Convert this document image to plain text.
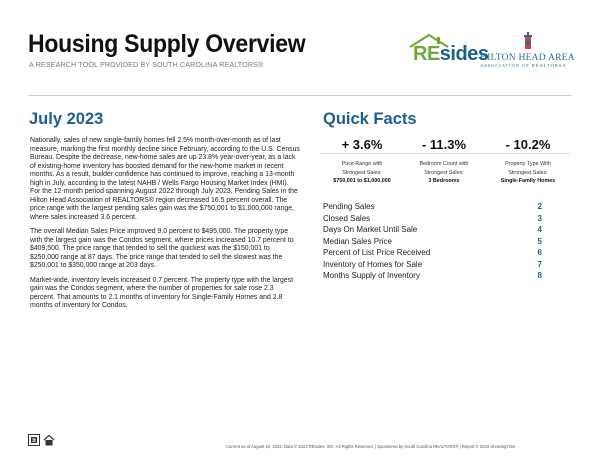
Housing Supply Overview
A RESEARCH TOOL PROVIDED BY SOUTH CAROLINA REALTORS®	REsides
HILTON HEAD AREA
ASSOCIATION OF REALTORS®
July 2023

Nationally, sales of new single-family homes fell 2.5% month-over-month as of last measure, marking the first monthly decline since February, according to the U.S. Census Bureau. Despite the decrease, new-home sales are up 23.8% year-over-year, as a lack of existing-home inventory has boosted demand for the new-home market in recent months. As a result, builder confidence has continued to improve, reaching a 13-month high in July, according to the latest NAHB / Wells Fargo Housing Market Index (HMI). For the 12-month period spanning August 2022 through July 2023, Pending Sales in the Hilton Head Association of REALTORS® region decreased 16.5 percent overall. The price range with the largest pending sales gain was the $750,001 to $1,000,000 range, where sales increased 3.6 percent.

The overall Median Sales Price improved 9.0 percent to $495,000. The property type with the largest gain was the Condos segment, where prices increased 10.7 percent to $409,500. The price range that tended to sell the quickest was the $150,001 to $250,000 range at 87 days. The price range that tended to sell the slowest was the $250,001 to $350,000 range at 203 days.

Market-wide, inventory levels increased 0.7 percent. The property type with the largest gain was the Condos segment, where the number of properties for sale rose 2.3 percent. That amounts to 2.1 months of inventory for Single-Family Homes and 2.8 months of inventory for Condos.

Quick Facts
+ 3.6%
Price Range with
Strongest Sales:
$750,001 to $1,000,000
- 11.3%
Bedroom Count with
Strongest Sales:
3 Bedrooms
- 10.2%
Property Type With
Strongest Sales:
Single-Family Homes
Pending Sales	2
Closed Sales	3
Days On Market Until Sale	4
Median Sales Price	5
Percent of List Price Received	6
Inventory of Homes for Sale	7
Months Supply of Inventory	8
Current as of August 10, 2023. Data © 2023 REsides. INC. All Rights Reserved. | Sponsored by South Carolina REALTORS® | Report © 2023 ShowingTime
